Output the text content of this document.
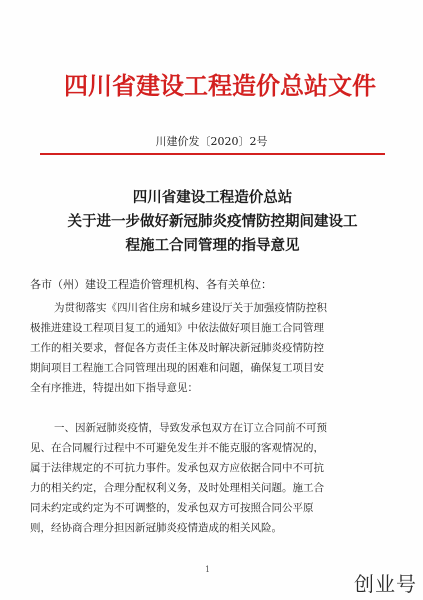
四川省建设工程造价总站文件
川建价发〔2020〕2号
四川省建设工程造价总站
关于进一步做好新冠肺炎疫情防控期间建设工
程施工合同管理的指导意见
各市（州）建设工程造价管理机构、各有关单位：
为贯彻落实《四川省住房和城乡建设厅关于加强疫情防控积
极推进建设工程项目复工的通知》中依法做好项目施工合同管理
工作的相关要求，督促各方责任主体及时解决新冠肺炎疫情防控
期间项目工程施工合同管理出现的困难和问题，确保复工项目安
全有序推进，特提出如下指导意见：
一、因新冠肺炎疫情，导致发承包双方在订立合同前不可预
见、在合同履行过程中不可避免发生并不能克服的客观情况的，
属于法律规定的不可抗力事件。发承包双方应依据合同中不可抗
力的相关约定，合理分配权利义务，及时处理相关问题。施工合
同未约定或约定为不可调整的，发承包双方可按照合同公平原
则，经协商合理分担因新冠肺炎疫情造成的相关风险。
1
创业号
